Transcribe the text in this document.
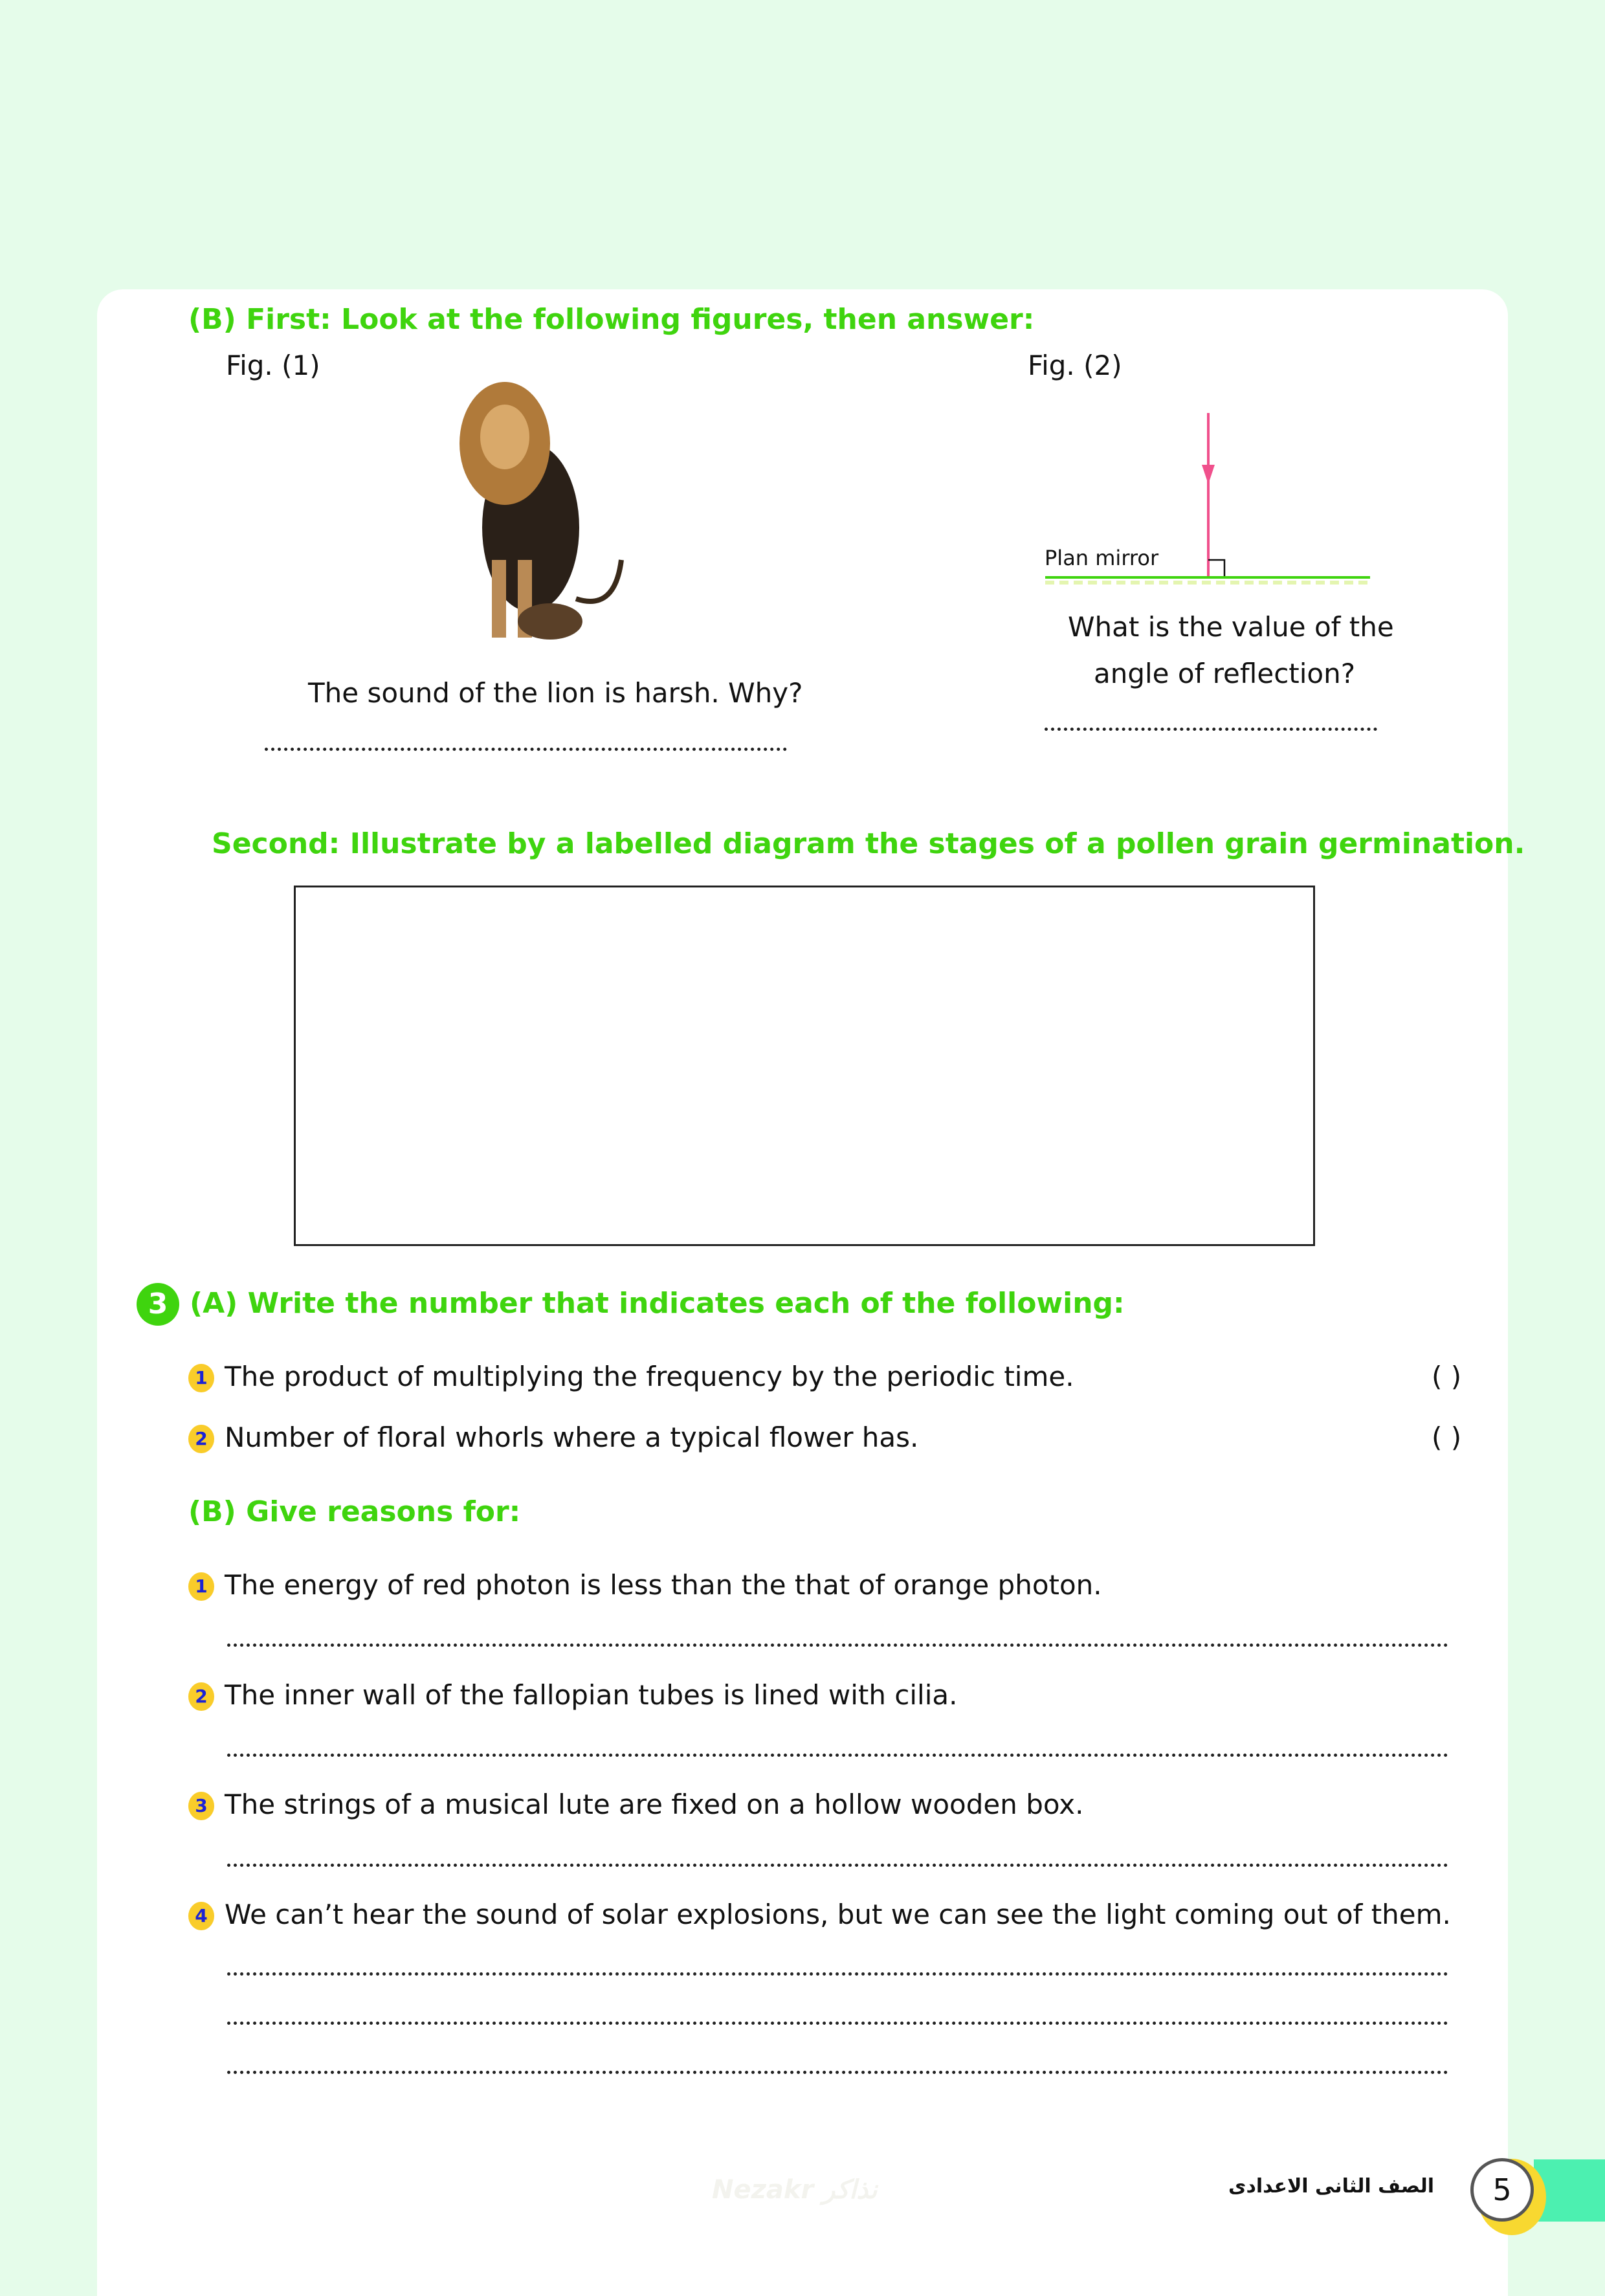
(B) First: Look at the following figures, then answer:
Fig. (1)
The sound of the lion is harsh. Why?
Fig. (2)
Plan mirror
What is the value of the
angle of reflection?
Second: Illustrate by a labelled diagram the stages of a pollen grain germination.
3 (A) Write the number that indicates each of the following:
1 The product of multiplying the frequency by the periodic time.	( )
2 Number of floral whorls where a typical flower has.	( )
(B) Give reasons for:
1 The energy of red photon is less than the that of orange photon.
2 The inner wall of the fallopian tubes is lined with cilia.
3 The strings of a musical lute are fixed on a hollow wooden box.
4 We can’t hear the sound of solar explosions, but we can see the light coming out of them.
Nezakr نذاكر	5
الصف الثانى الاعدادى
